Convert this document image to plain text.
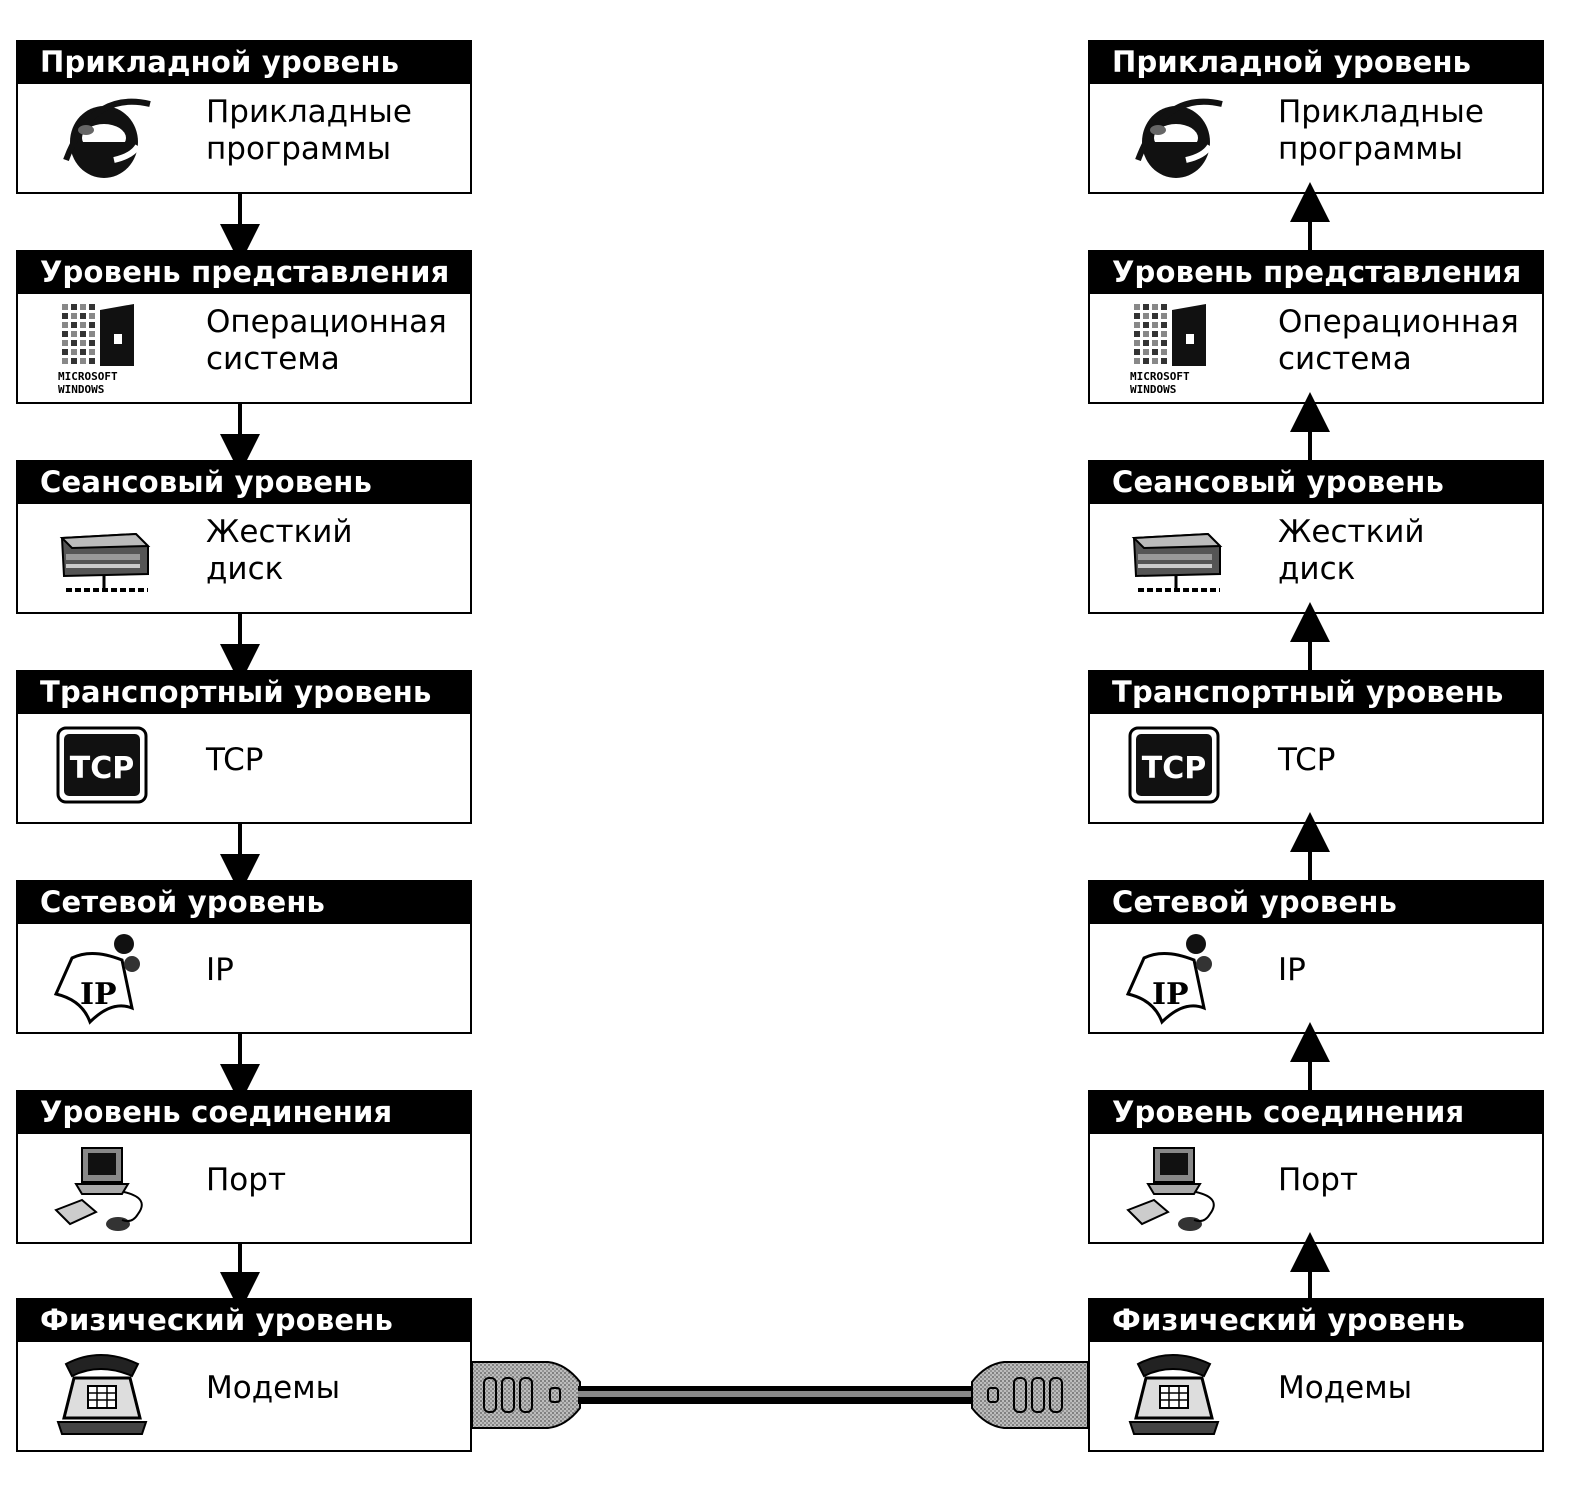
Прикладной уровень
Прикладные
программы
Уровень представления
MICROSOFT
WINDOWS
Операционная
система
Сеансовый уровень
Жесткий
диск
Транспортный уровень
TCP TCP
Сетевой уровень
IP
IP
Уровень соединения
Порт
Физический уровень
Модемы
Прикладной уровень
Прикладные
программы
Уровень представления
MICROSOFT
WINDOWS
Операционная
система
Сеансовый уровень
Жесткий
диск
Транспортный уровень
TCP TCP
Сетевой уровень
IP
IP
Уровень соединения
Порт
Физический уровень
Модемы
